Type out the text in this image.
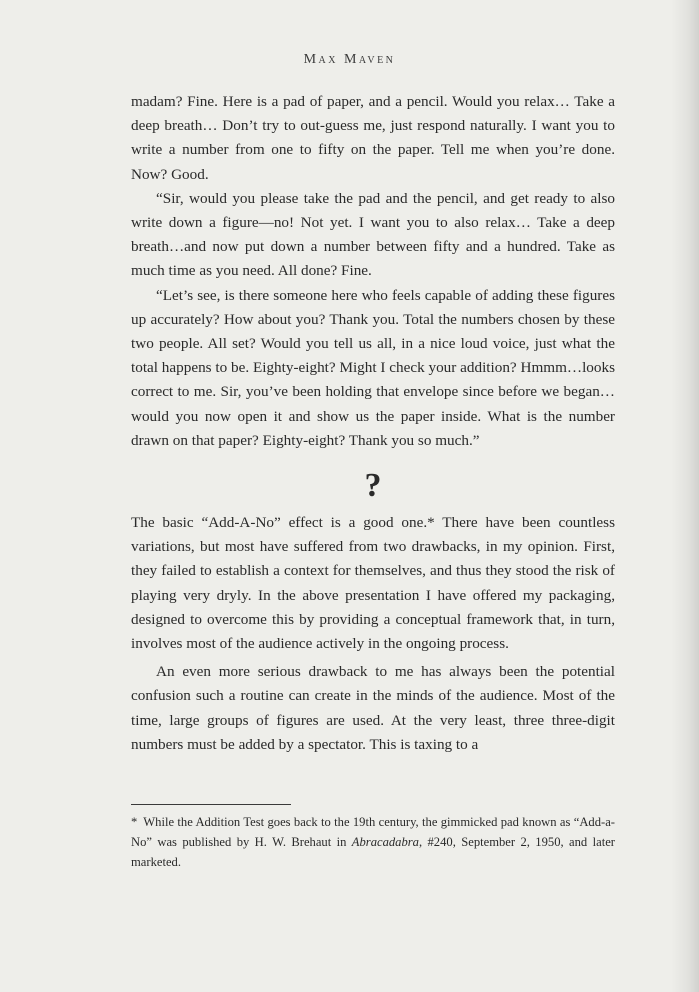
Max Maven

madam? Fine. Here is a pad of paper, and a pencil. Would you relax… Take a deep breath… Don’t try to out-guess me, just respond naturally. I want you to write a number from one to fifty on the paper. Tell me when you’re done. Now? Good.

“Sir, would you please take the pad and the pencil, and get ready to also write down a figure—no! Not yet. I want you to also relax… Take a deep breath…and now put down a number between fifty and a hundred. Take as much time as you need. All done? Fine.

“Let’s see, is there someone here who feels capable of adding these figures up accurately? How about you? Thank you. Total the numbers chosen by these two people. All set? Would you tell us all, in a nice loud voice, just what the total happens to be. Eighty-eight? Might I check your addition? Hmmm…looks correct to me. Sir, you’ve been holding that envelope since before we began…would you now open it and show us the paper inside. What is the number drawn on that paper? Eighty-eight? Thank you so much.”

?

The basic “Add-A-No” effect is a good one.* There have been countless variations, but most have suffered from two drawbacks, in my opinion. First, they failed to establish a context for themselves, and thus they stood the risk of playing very dryly. In the above presentation I have offered my packaging, designed to overcome this by providing a conceptual framework that, in turn, involves most of the audience actively in the ongoing process.

An even more serious drawback to me has always been the potential confusion such a routine can create in the minds of the audience. Most of the time, large groups of figures are used. At the very least, three three-digit numbers must be added by a spectator. This is taxing to a

* While the Addition Test goes back to the 19th century, the gimmicked pad known as “Add-a-No” was published by H. W. Brehaut in Abracadabra, #240, September 2, 1950, and later marketed.
